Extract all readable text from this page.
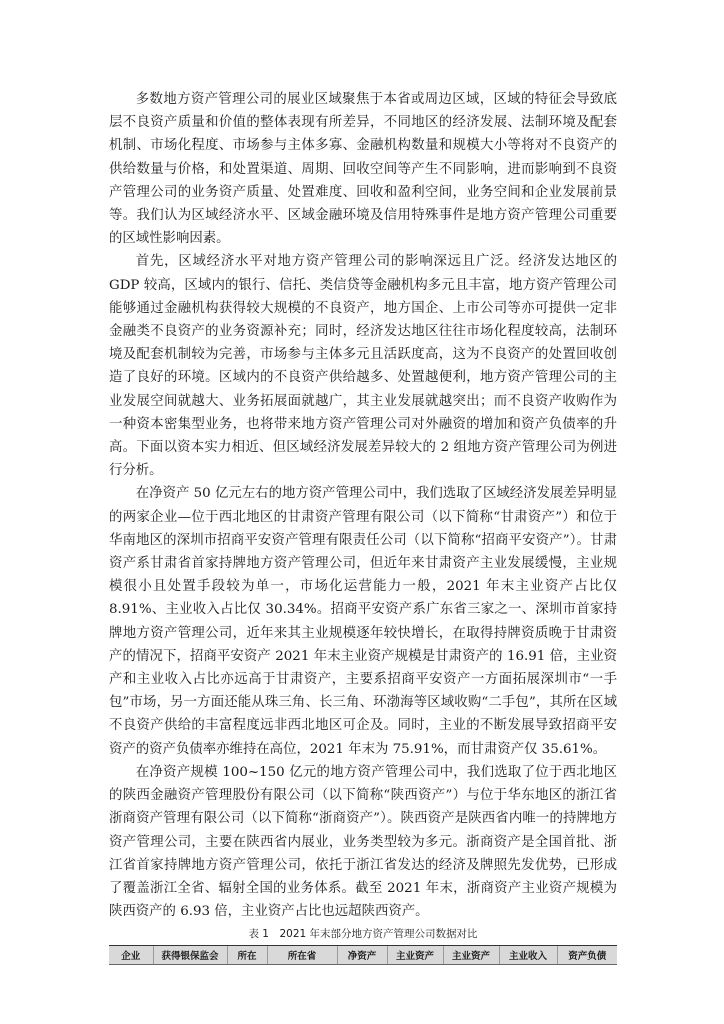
多数地方资产管理公司的展业区域聚焦于本省或周边区域，区域的特征会导致底层不良资产质量和价值的整体表现有所差异，不同地区的经济发展、法制环境及配套机制、市场化程度、市场参与主体多寡、金融机构数量和规模大小等将对不良资产的供给数量与价格，和处置渠道、周期、回收空间等产生不同影响，进而影响到不良资产管理公司的业务资产质量、处置难度、回收和盈利空间，业务空间和企业发展前景等。我们认为区域经济水平、区域金融环境及信用特殊事件是地方资产管理公司重要的区域性影响因素。

首先，区域经济水平对地方资产管理公司的影响深远且广泛。经济发达地区的 GDP 较高，区域内的银行、信托、类信贷等金融机构多元且丰富，地方资产管理公司能够通过金融机构获得较大规模的不良资产，地方国企、上市公司等亦可提供一定非金融类不良资产的业务资源补充；同时，经济发达地区往往市场化程度较高，法制环境及配套机制较为完善，市场参与主体多元且活跃度高，这为不良资产的处置回收创造了良好的环境。区域内的不良资产供给越多、处置越便利，地方资产管理公司的主业发展空间就越大、业务拓展面就越广，其主业发展就越突出；而不良资产收购作为一种资本密集型业务，也将带来地方资产管理公司对外融资的增加和资产负债率的升高。下面以资本实力相近、但区域经济发展差异较大的 2 组地方资产管理公司为例进行分析。

在净资产 50 亿元左右的地方资产管理公司中，我们选取了区域经济发展差异明显的两家企业—位于西北地区的甘肃资产管理有限公司（以下简称“甘肃资产”）和位于华南地区的深圳市招商平安资产管理有限责任公司（以下简称“招商平安资产”）。甘肃资产系甘肃省首家持牌地方资产管理公司，但近年来甘肃资产主业发展缓慢，主业规模很小且处置手段较为单一，市场化运营能力一般，2021 年末主业资产占比仅 8.91%、主业收入占比仅 30.34%。招商平安资产系广东省三家之一、深圳市首家持牌地方资产管理公司，近年来其主业规模逐年较快增长，在取得持牌资质晚于甘肃资产的情况下，招商平安资产 2021 年末主业资产规模是甘肃资产的 16.91 倍，主业资产和主业收入占比亦远高于甘肃资产，主要系招商平安资产一方面拓展深圳市“一手包”市场，另一方面还能从珠三角、长三角、环渤海等区域收购“二手包”，其所在区域不良资产供给的丰富程度远非西北地区可企及。同时，主业的不断发展导致招商平安资产的资产负债率亦维持在高位，2021 年末为 75.91%，而甘肃资产仅 35.61%。

在净资产规模 100~150 亿元的地方资产管理公司中，我们选取了位于西北地区的陕西金融资产管理股份有限公司（以下简称“陕西资产”）与位于华东地区的浙江省浙商资产管理有限公司（以下简称“浙商资产”）。陕西资产是陕西省内唯一的持牌地方资产管理公司，主要在陕西省内展业，业务类型较为多元。浙商资产是全国首批、浙江省首家持牌地方资产管理公司，依托于浙江省发达的经济及牌照先发优势，已形成了覆盖浙江全省、辐射全国的业务体系。截至 2021 年末，浙商资产主业资产规模为陕西资产的 6.93 倍，主业资产占比也远超陕西资产。

表 1　2021 年末部分地方资产管理公司数据对比
企业	获得银保监会	所在	所在省	净资产	主业资产	主业资产	主业收入	资产负债
